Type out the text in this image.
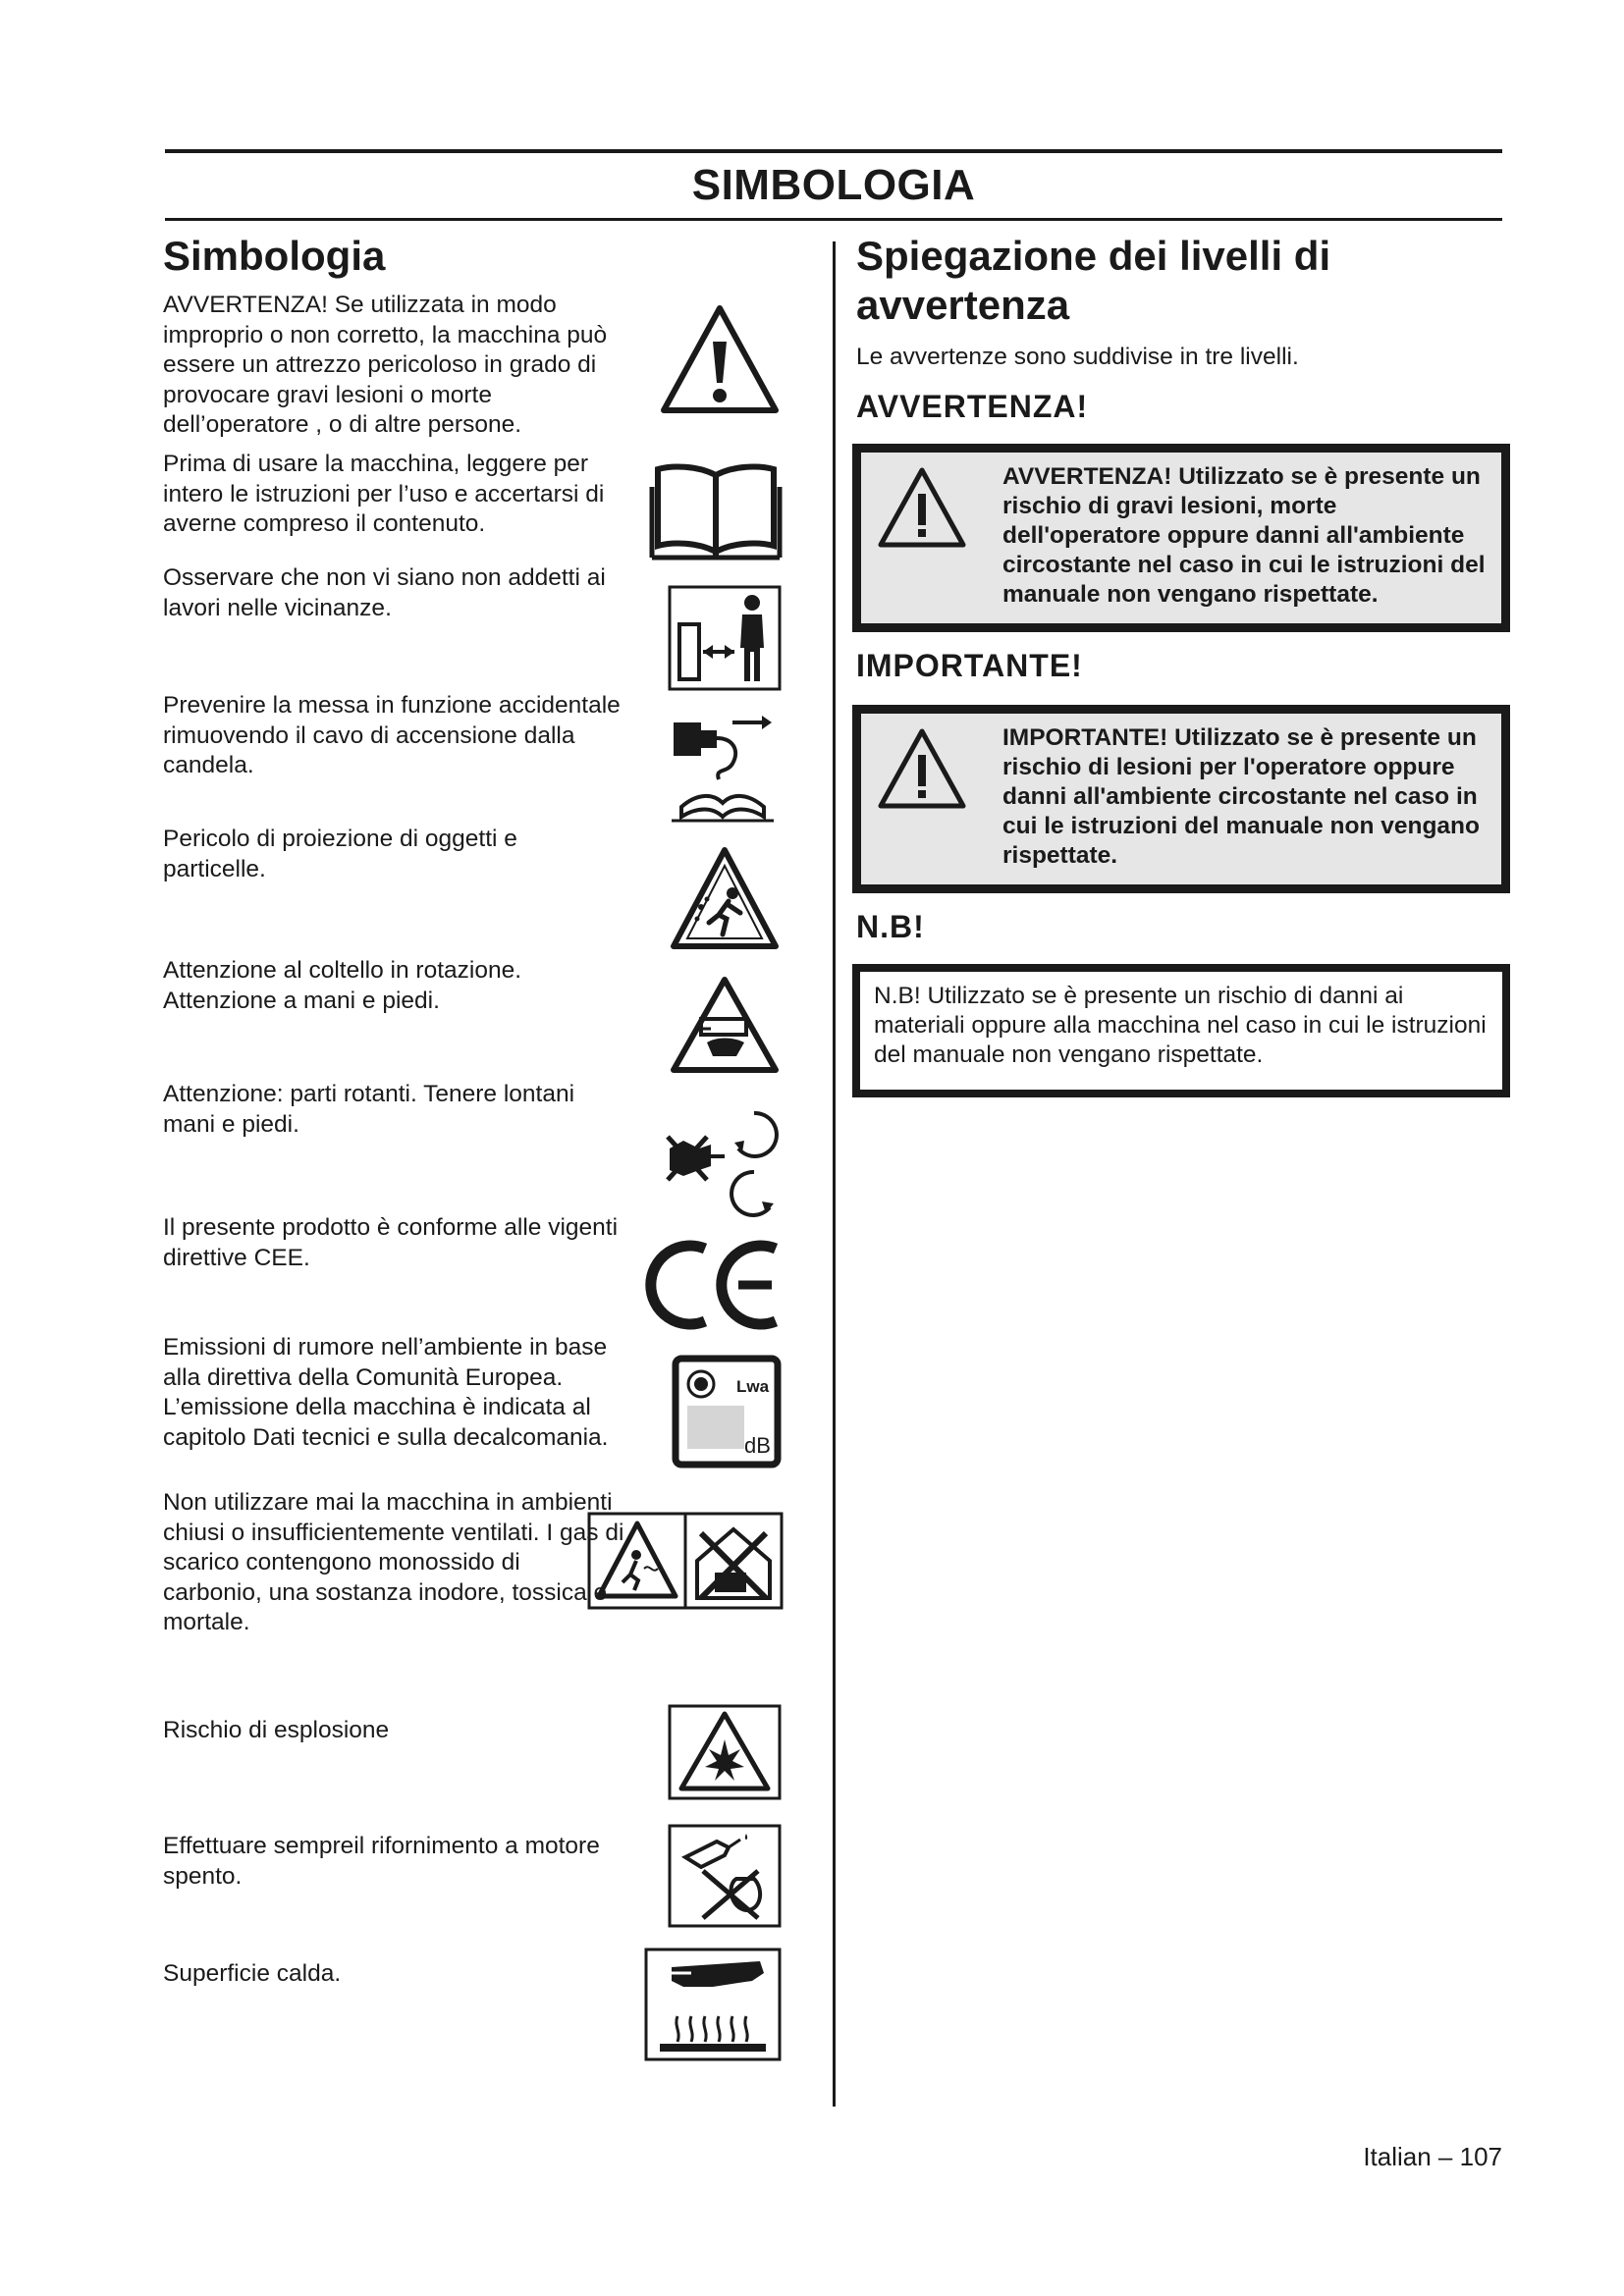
SIMBOLOGIA
Simbologia

AVVERTENZA! Se utilizzata in modo improprio o non corretto, la macchina può essere un attrezzo pericoloso in grado di provocare gravi lesioni o morte dell’operatore , o di altre persone.

Prima di usare la macchina, leggere per intero le istruzioni per l’uso e accertarsi di averne compreso il contenuto.

Osservare che non vi siano non addetti ai lavori nelle vicinanze.

Prevenire la messa in funzione accidentale rimuovendo il cavo di accensione dalla candela.

Pericolo di proiezione di oggetti e particelle.

Attenzione al coltello in rotazione. Attenzione a mani e piedi.

Attenzione: parti rotanti. Tenere lontani mani e piedi.

Il presente prodotto è conforme alle vigenti direttive CEE.

Emissioni di rumore nell’ambiente in base alla direttiva della Comunità Europea. L’emissione della macchina è indicata al capitolo Dati tecnici e sulla decalcomania.

Lwa
dB

Non utilizzare mai la macchina in ambienti chiusi o insufficientemente ventilati. I gas di scarico contengono monossido di carbonio, una sostanza inodore, tossica e mortale.

Rischio di esplosione

Effettuare sempreil rifornimento a motore spento.

Superficie calda.

Spiegazione dei livelli di avvertenza

Le avvertenze sono suddivise in tre livelli.

AVVERTENZA!
AVVERTENZA! Utilizzato se è presente un rischio di gravi lesioni, morte dell'operatore oppure danni all'ambiente circostante nel caso in cui le istruzioni del manuale non vengano rispettate.
IMPORTANTE!
IMPORTANTE! Utilizzato se è presente un rischio di lesioni per l'operatore oppure danni all'ambiente circostante nel caso in cui le istruzioni del manuale non vengano rispettate.
N.B!
N.B! Utilizzato se è presente un rischio di danni ai materiali oppure alla macchina nel caso in cui le istruzioni del manuale non vengano rispettate.
Italian – 107
